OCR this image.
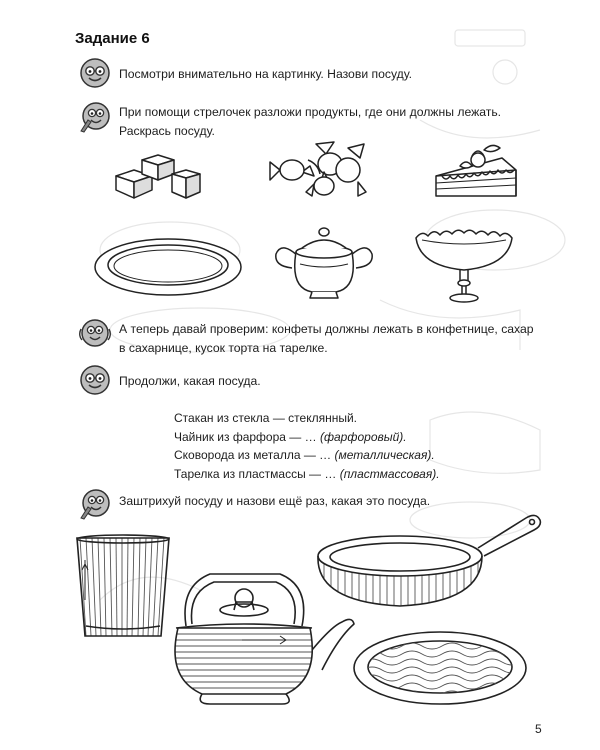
Задание 6
Посмотри внимательно на картинку. Назови посуду.
При помощи стрелочек разложи продукты, где они должны лежать. Раскрась посуду.
А теперь давай проверим: конфеты должны лежать в конфетнице, сахар в сахарнице, кусок торта на тарелке.
Продолжи, какая посуда.
Стакан из стекла — стеклянный.
Чайник из фарфора — … (фарфоровый).
Сковорода из металла — … (металлическая).
Тарелка из пластмассы — … (пластмассовая).
Заштрихуй посуду и назови ещё раз, какая это посуда.
5
